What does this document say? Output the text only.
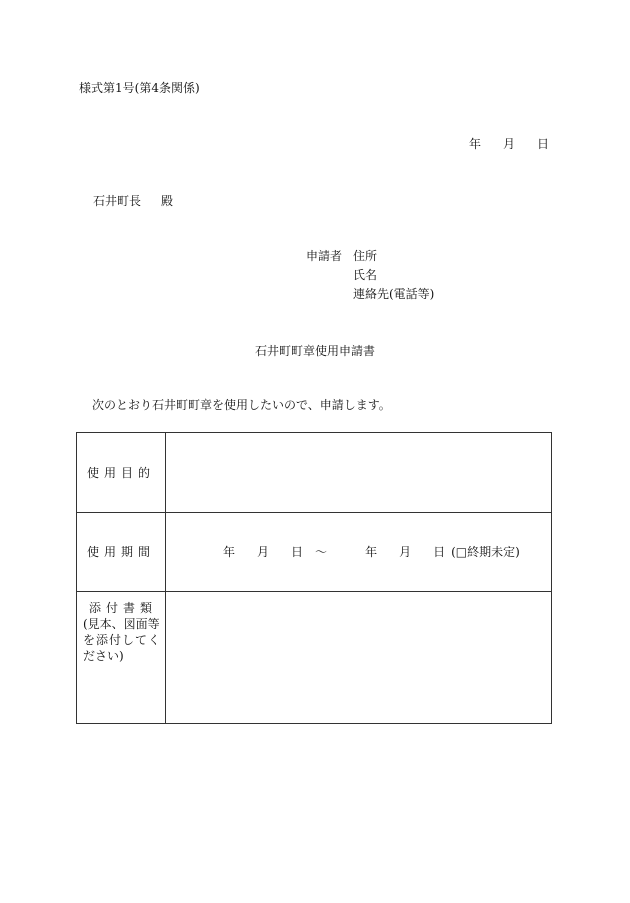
様式第1号(第4条関係)
年 月 日
石井町長 殿
申請者 住所
氏名
連絡先(電話等)
石井町町章使用申請書
次のとおり石井町町章を使用したいので、申請します。
使用目的
使用期間	年 月 日 ～	年 月 日 (□終期未定)
添付書類
(見本、図面等
を添付してく
ださい)
